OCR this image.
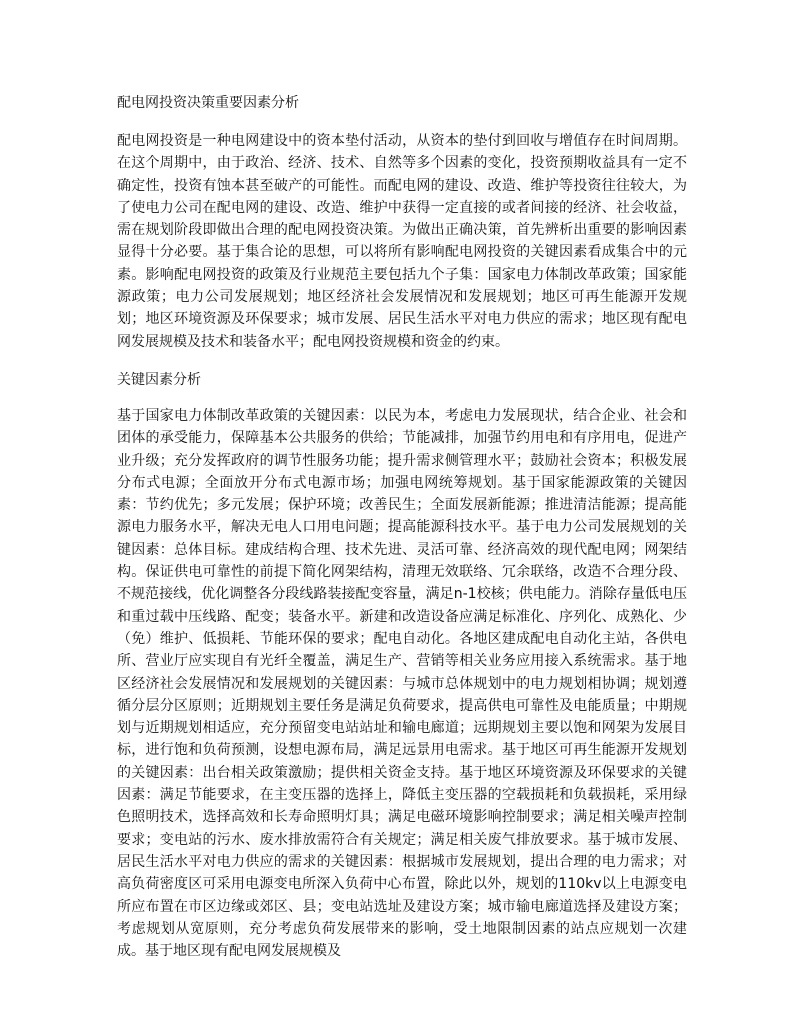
配电网投资决策重要因素分析

配电网投资是一种电网建设中的资本垫付活动，从资本的垫付到回收与增值存在时间周期。在这个周期中，由于政治、经济、技术、自然等多个因素的变化，投资预期收益具有一定不确定性，投资有蚀本甚至破产的可能性。而配电网的建设、改造、维护等投资往往较大，为了使电力公司在配电网的建设、改造、维护中获得一定直接的或者间接的经济、社会收益，需在规划阶段即做出合理的配电网投资决策。为做出正确决策，首先辨析出重要的影响因素显得十分必要。基于集合论的思想，可以将所有影响配电网投资的关键因素看成集合中的元素。影响配电网投资的政策及行业规范主要包括九个子集：国家电力体制改革政策；国家能源政策；电力公司发展规划；地区经济社会发展情况和发展规划；地区可再生能源开发规划；地区环境资源及环保要求；城市发展、居民生活水平对电力供应的需求；地区现有配电网发展规模及技术和装备水平；配电网投资规模和资金的约束。

关键因素分析

基于国家电力体制改革政策的关键因素：以民为本，考虑电力发展现状，结合企业、社会和团体的承受能力，保障基本公共服务的供给；节能减排，加强节约用电和有序用电，促进产业升级；充分发挥政府的调节性服务功能；提升需求侧管理水平；鼓励社会资本；积极发展分布式电源；全面放开分布式电源市场；加强电网统筹规划。基于国家能源政策的关键因素：节约优先；多元发展；保护环境；改善民生；全面发展新能源；推进清洁能源；提高能源电力服务水平，解决无电人口用电问题；提高能源科技水平。基于电力公司发展规划的关键因素：总体目标。建成结构合理、技术先进、灵活可靠、经济高效的现代配电网；网架结构。保证供电可靠性的前提下简化网架结构，清理无效联络、冗余联络，改造不合理分段、不规范接线，优化调整各分段线路装接配变容量，满足n-1校核；供电能力。消除存量低电压和重过载中压线路、配变；装备水平。新建和改造设备应满足标准化、序列化、成熟化、少（免）维护、低损耗、节能环保的要求；配电自动化。各地区建成配电自动化主站，各供电所、营业厅应实现自有光纤全覆盖，满足生产、营销等相关业务应用接入系统需求。基于地区经济社会发展情况和发展规划的关键因素：与城市总体规划中的电力规划相协调；规划遵循分层分区原则；近期规划主要任务是满足负荷要求，提高供电可靠性及电能质量；中期规划与近期规划相适应，充分预留变电站站址和输电廊道；远期规划主要以饱和网架为发展目标，进行饱和负荷预测，设想电源布局，满足远景用电需求。基于地区可再生能源开发规划的关键因素：出台相关政策激励；提供相关资金支持。基于地区环境资源及环保要求的关键因素：满足节能要求，在主变压器的选择上，降低主变压器的空载损耗和负载损耗，采用绿色照明技术，选择高效和长寿命照明灯具；满足电磁环境影响控制要求；满足相关噪声控制要求；变电站的污水、废水排放需符合有关规定；满足相关废气排放要求。基于城市发展、居民生活水平对电力供应的需求的关键因素：根据城市发展规划，提出合理的电力需求；对高负荷密度区可采用电源变电所深入负荷中心布置，除此以外，规划的110kv以上电源变电所应布置在市区边缘或郊区、县；变电站选址及建设方案；城市输电廊道选择及建设方案；考虑规划从宽原则，充分考虑负荷发展带来的影响，受土地限制因素的站点应规划一次建成。基于地区现有配电网发展规模及
